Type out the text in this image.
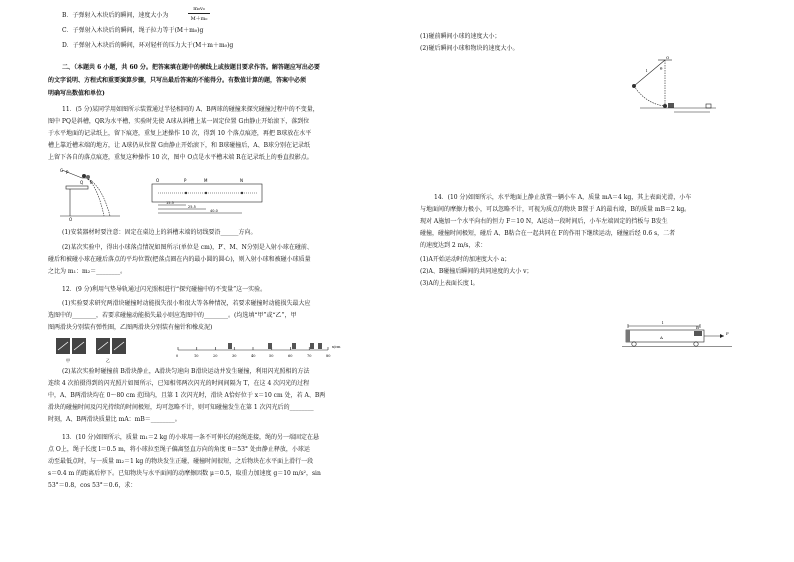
m₀v₀
M＋m₀
B．子弹射入木块后的瞬间，速度大小为
C．子弹射入木块后的瞬间，绳子拉力等于(M＋m₀)g
D．子弹射入木块后的瞬间，环对轻杆的压力大于(M＋m＋m₀)g
二、（本题共 6 小题，共 60 分。把答案填在题中的横线上或按题目要求作答。解答题应写出必要
的文字说明、方程式和重要演算步骤，只写出最后答案的不能得分。有数值计算的题，答案中必须
明确写出数值和单位)
11．(5 分)某同学用如图所示装置通过半径相同的 A、B两球的碰撞来探究碰撞过程中的不变量，
图中 PQ是斜槽，QR为水平槽，实验时先使 A球从斜槽上某一固定位置 G由静止开始滚下，落到位
于水平地面的记录纸上，留下痕迹，重复上述操作 10 次，得到 10 个落点痕迹，再把 B球放在水平
槽上靠近槽末端的地方，让 A球仍从位置 G由静止开始滚下，和 B球碰撞后，A、B球分别在记录纸
上留下各自的落点痕迹，重复这种操作 10 次，图中 O点是水平槽末端 R在记录纸上的垂直投影点。
G P
Q R
O
O	P	M	N
15.5
25.5
40.0
(1)安装器材时要注意：固定在桌边上的斜槽末端的切线要沿______方向。
(2)某次实验中，得出小球落点情况如图所示(单位是 cm)，P′、M、N分别是入射小球在碰前、
碰后和被碰小球在碰后落点的平均位置(把落点圈在内的最小圆的圆心)，则入射小球和被碰小球质量
之比为 m₁：m₂＝________。
12．(9 分)利用气垫导轨通过闪光照相进行“探究碰撞中的不变量”这一实验。
(1)实验要求研究两滑块碰撞时动能损失很小和很大等各种情况，若要求碰撞时动能损失最大应
选图中的________，若要求碰撞动能损失最小则应选图中的________。(均选填“甲”或“乙”，甲
图两滑块分别装有弹性圈，乙图两滑块分别装有撞针和橡皮泥)
甲	乙
0	10	20	30	40	50	60	70	80
x/cm
(2)某次实验时碰撞前 B滑块静止，A滑块匀速向 B滑块运动并发生碰撞，利用闪光照相的方法
连续 4 次拍摄得到的闪光照片如图所示，已知相邻两次闪光的时间间隔为 T，在这 4 次闪光的过程
中，A、B两滑块均在 0～80 cm 范围内，且第 1 次闪光时，滑块 A恰好位于 x＝10 cm 处，若 A、B两
滑块的碰撞时间及闪光持续的时间极短，均可忽略不计，则可知碰撞发生在第 1 次闪光后的________
时刻，A、B两滑块质量比 mA：mB＝________。
13．(10 分)如图所示，质量 m₁＝2 kg 的小球用一条不可伸长的轻绳连接，绳的另一端固定在悬
点 O上，绳子长度 l＝0.5 m，将小球拉至绳子偏离竖直方向的角度 θ＝53° 处由静止释放，小球运
动至最低点时，与一质量 m₂＝1 kg 的物块发生正碰，碰撞时间很短，之后物块在水平面上滑行一段
s＝0.4 m 的距离后停下。已知物块与水平面间的动摩擦因数 μ＝0.5，取重力加速度 g＝10 m/s²，sin
53°＝0.8，cos 53°＝0.6，求：
(1)碰前瞬间小球的速度大小；
(2)碰后瞬间小球和物块的速度大小。
O
l	θ
14．(10 分)如图所示，水平地面上静止放置一辆小车 A，质量 mA＝4 kg，其上表面光滑，小车
与地面间的摩擦力极小，可以忽略不计，可视为质点的物块 B置于 A的最右端，B的质量 mB＝2 kg。
现对 A施加一个水平向右的恒力 F＝10 N，A运动一段时间后，小车左端固定的挡板与 B发生
碰撞，碰撞时间极短，碰后 A、B粘合在一起共同在 F的作用下继续运动，碰撞后经 0.6 s，二者
的速度达到 2 m/s，求：
(1)A开始运动时的加速度大小 a；
(2)A、B碰撞后瞬间的共同速度的大小 v；
(3)A的上表面长度 l。
l
B
A
F
